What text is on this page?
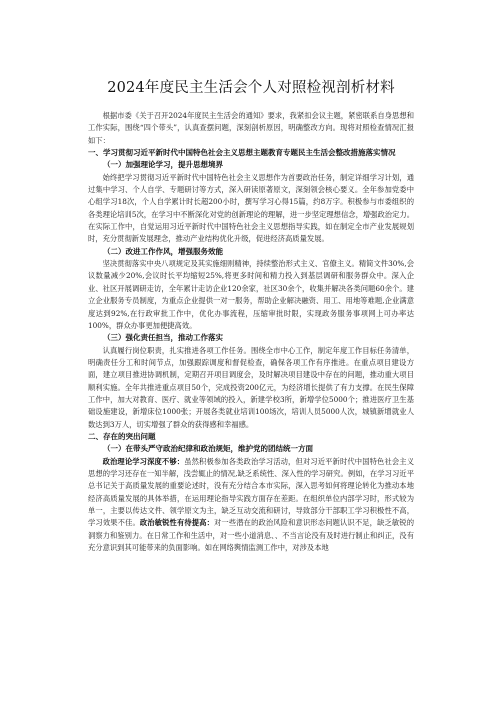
2024年度民主生活会个人对照检视剖析材料

根据市委《关于召开2024年度民主生活会的通知》要求，我紧扣会议主题，紧密联系自身思想和工作实际，围绕“四个带头”，认真查摆问题，深刻剖析原因，明确整改方向。现将对照检查情况汇报如下：

一、学习贯彻习近平新时代中国特色社会主义思想主题教育专题民主生活会整改措施落实情况

（一）加强理论学习，提升思想境界

始终把学习贯彻习近平新时代中国特色社会主义思想作为首要政治任务，制定详细学习计划，通过集中学习、个人自学、专题研讨等方式，深入研读原著原文，深刻领会核心要义。全年参加党委中心组学习18次，个人自学累计时长超200小时，撰写学习心得15篇，约8万字。积极参与市委组织的各类理论培训5次，在学习中不断深化对党的创新理论的理解，进一步坚定理想信念，增强政治定力。在实际工作中，自觉运用习近平新时代中国特色社会主义思想指导实践，如在制定全市产业发展规划时，充分贯彻新发展理念，推动产业结构优化升级，促进经济高质量发展。

（二）改进工作作风，增强服务效能

坚决贯彻落实中央八项规定及其实施细则精神，持续整治形式主义、官僚主义。精简文件30%,会议数量减少20%,会议时长平均缩短25%,将更多时间和精力投入到基层调研和服务群众中。深入企业、社区开展调研走访，全年累计走访企业120余家，社区30余个，收集并解决各类问题60余个。建立企业服务专员制度，为重点企业提供一对一服务，帮助企业解决融资、用工、用地等难题,企业满意度达到92%,在行政审批工作中，优化办事流程，压缩审批时限，实现政务服务事项网上可办率达100%，群众办事更加便捷高效。

（三）强化责任担当，推动工作落实

认真履行岗位职责，扎实推进各项工作任务。围绕全市中心工作，制定年度工作目标任务清单，明确责任分工和时间节点，加强跟踪调度和督促检查，确保各项工作有序推进。在重点项目建设方面，建立项目推进协调机制，定期召开项目调度会，及时解决项目建设中存在的问题，推动重大项目顺利实施。全年共推进重点项目50个，完成投资200亿元，为经济增长提供了有力支撑。在民生保障工作中，加大对教育、医疗、就业等领域的投入，新建学校3所，新增学位5000个；推进医疗卫生基础设施建设，新增床位1000张；开展各类就业培训100场次，培训人员5000人次，城镇新增就业人数达到3万人，切实增强了群众的获得感和幸福感。

二、存在的突出问题

（一）在带头严守政治纪律和政治规矩，维护党的团结统一方面

政治理论学习深度不够：虽然积极参加各类政治学习活动，但对习近平新时代中国特色社会主义思想的学习还存在一知半解，浅尝辄止的情况,缺乏系统性、深入性的学习研究。例如，在学习习近平总书记关于高质量发展的重要论述时，没有充分结合本市实际，深入思考如何将理论转化为推动本地经济高质量发展的具体举措，在运用理论指导实践方面存在差距。在组织单位内部学习时，形式较为单一，主要以传达文件、领学原文为主，缺乏互动交流和研讨，导致部分干部职工学习积极性不高，学习效果不佳。政治敏锐性有待提高：对一些潜在的政治风险和意识形态问题认识不足，缺乏敏锐的洞察力和鉴别力。在日常工作和生活中，对一些小道消息、、不当言论没有及时进行制止和纠正，没有充分意识到其可能带来的负面影响。如在网络舆情监测工作中，对涉及本地
